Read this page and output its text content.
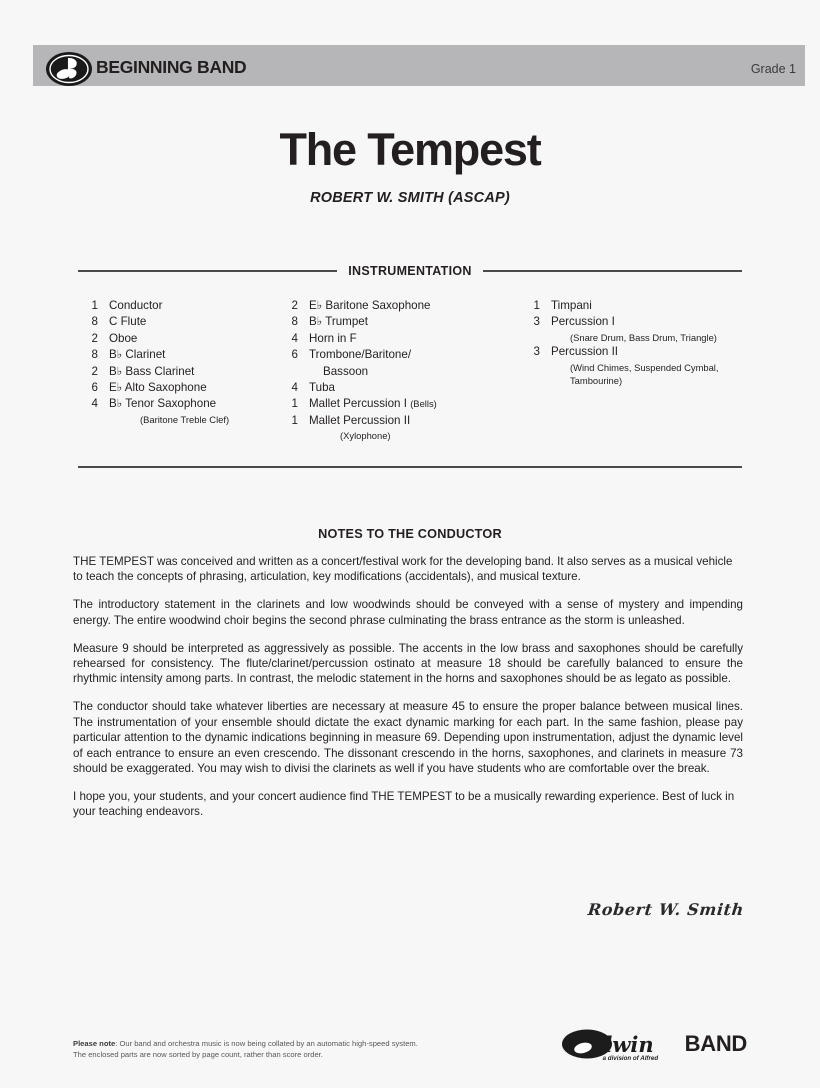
BEGINNING BAND	Grade 1
The Tempest
ROBERT W. SMITH (ASCAP)
INSTRUMENTATION
1 Conductor
8 C Flute
2 Oboe
8 B♭ Clarinet
2 B♭ Bass Clarinet
6 E♭ Alto Saxophone
4 B♭ Tenor Saxophone
(Baritone Treble Clef)
2 E♭ Baritone Saxophone
8 B♭ Trumpet
4 Horn in F
6 Trombone/Baritone/
Bassoon
4 Tuba
1 Mallet Percussion I (Bells)
1 Mallet Percussion II
(Xylophone)
1 Timpani
3 Percussion I
(Snare Drum, Bass Drum, Triangle)
3 Percussion II
(Wind Chimes, Suspended Cymbal,
Tambourine)
NOTES TO THE CONDUCTOR

THE TEMPEST was conceived and written as a concert/festival work for the developing band. It also serves as a musical vehicle to teach the concepts of phrasing, articulation, key modifications (accidentals), and musical texture.

The introductory statement in the clarinets and low woodwinds should be conveyed with a sense of mystery and impending energy. The entire woodwind choir begins the second phrase culminating the brass entrance as the storm is unleashed.

Measure 9 should be interpreted as aggressively as possible. The accents in the low brass and saxophones should be carefully rehearsed for consistency. The flute/clarinet/percussion ostinato at measure 18 should be carefully balanced to ensure the rhythmic intensity among parts. In contrast, the melodic statement in the horns and saxophones should be as legato as possible.

The conductor should take whatever liberties are necessary at measure 45 to ensure the proper balance between musical lines. The instrumentation of your ensemble should dictate the exact dynamic marking for each part. In the same fashion, please pay particular attention to the dynamic indications beginning in measure 69. Depending upon instrumentation, adjust the dynamic level of each entrance to ensure an even crescendo. The dissonant crescendo in the horns, saxophones, and clarinets in measure 73 should be exaggerated. You may wish to divisi the clarinets as well if you have students who are comfortable over the break.

I hope you, your students, and your concert audience find THE TEMPEST to be a musically rewarding experience. Best of luck in your teaching endeavors.

Robert W. Smith
Please note: Our band and orchestra music is now being collated by an automatic high-speed system.
The enclosed parts are now sorted by page count, rather than score order.	elwin
a division of Alfred
BAND
